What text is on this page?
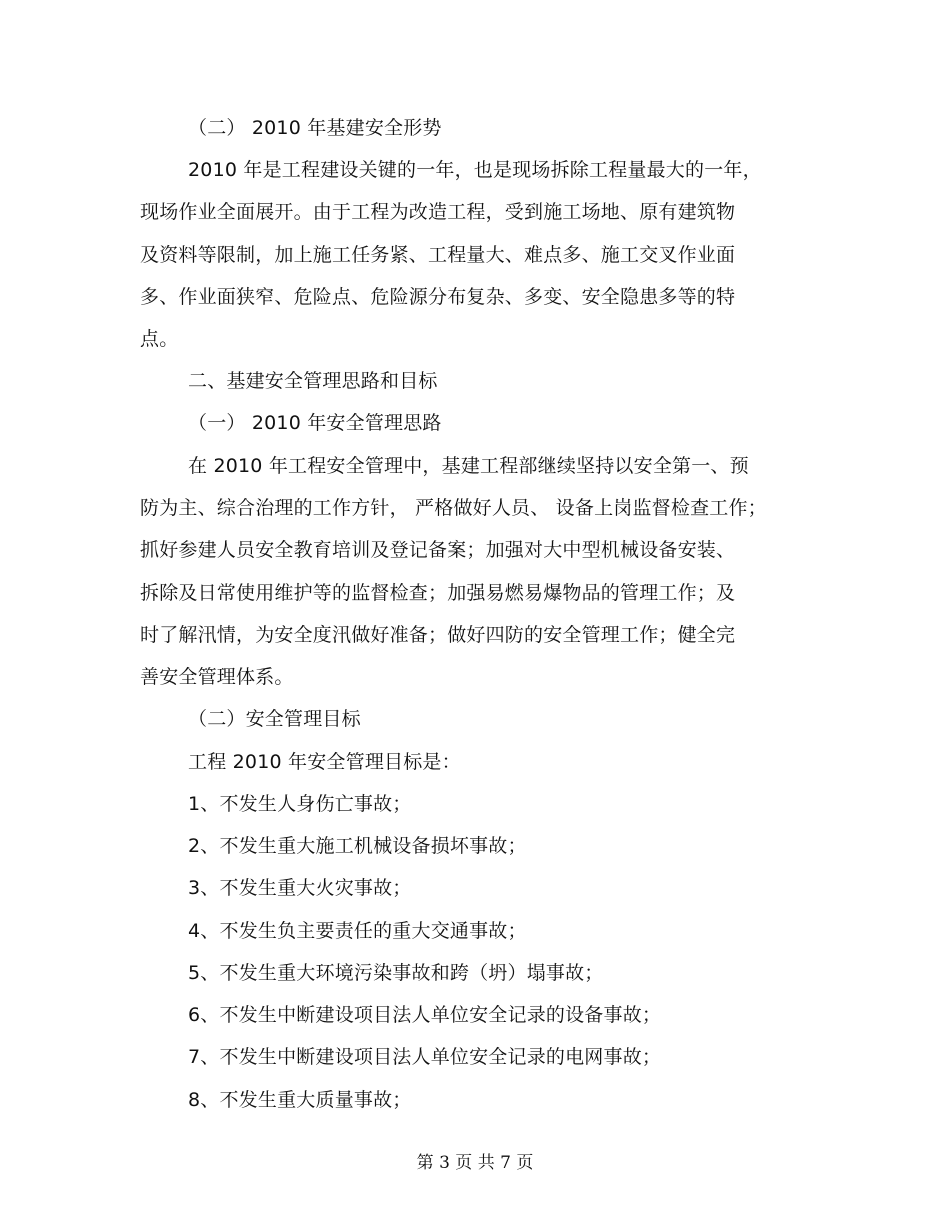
（二） 2010 年基建安全形势
2010 年是工程建设关键的一年，也是现场拆除工程量最大的一年，
现场作业全面展开。由于工程为改造工程，受到施工场地、原有建筑物
及资料等限制，加上施工任务紧、工程量大、难点多、施工交叉作业面
多、作业面狭窄、危险点、危险源分布复杂、多变、安全隐患多等的特
点。
二、基建安全管理思路和目标
（一） 2010 年安全管理思路
在 2010 年工程安全管理中，基建工程部继续坚持以安全第一、预
防为主、综合治理的工作方针， 严格做好人员、 设备上岗监督检查工作；
抓好参建人员安全教育培训及登记备案；加强对大中型机械设备安装、
拆除及日常使用维护等的监督检查；加强易燃易爆物品的管理工作；及
时了解汛情，为安全度汛做好准备；做好四防的安全管理工作；健全完
善安全管理体系。
（二）安全管理目标
工程 2010 年安全管理目标是：
1、不发生人身伤亡事故；
2、不发生重大施工机械设备损坏事故；
3、不发生重大火灾事故；
4、不发生负主要责任的重大交通事故；
5、不发生重大环境污染事故和跨（坍）塌事故；
6、不发生中断建设项目法人单位安全记录的设备事故；
7、不发生中断建设项目法人单位安全记录的电网事故；
8、不发生重大质量事故；
第 3 页 共 7 页
